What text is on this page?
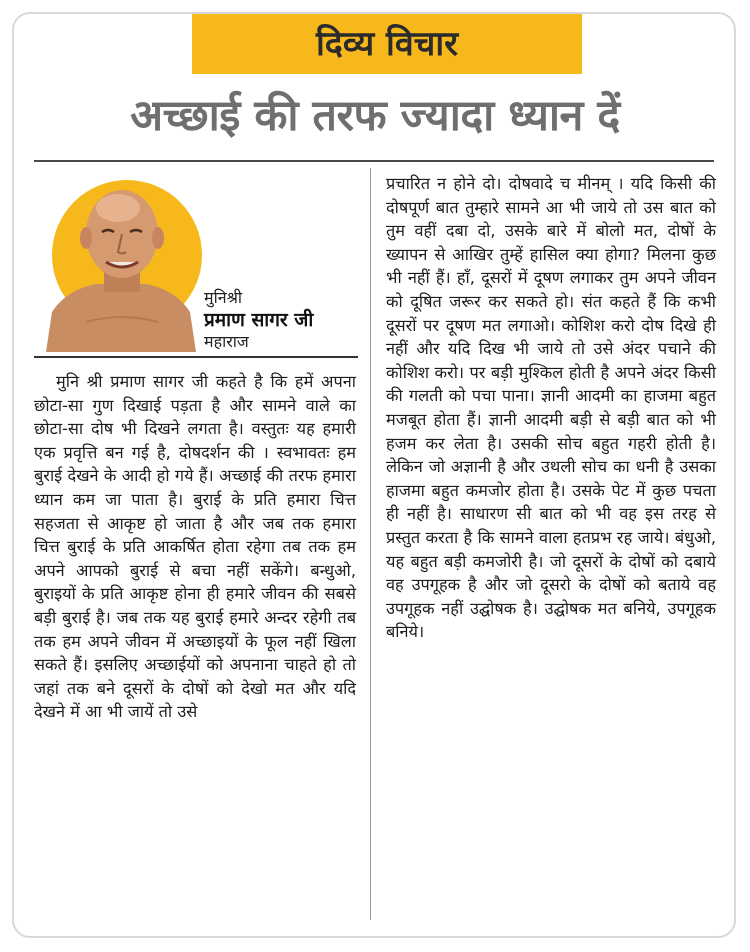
दिव्य विचार
अच्छाई की तरफ ज्यादा ध्यान दें
मुनिश्री
प्रमाण सागर जी
महाराज

मुनि श्री प्रमाण सागर जी कहते है कि हमें अपना छोटा-सा गुण दिखाई पड़ता है और सामने वाले का छोटा-सा दोष भी दिखने लगता है। वस्तुतः यह हमारी एक प्रवृत्ति बन गई है, दोषदर्शन की । स्वभावतः हम बुराई देखने के आदी हो गये हैं। अच्छाई की तरफ हमारा ध्यान कम जा पाता है। बुराई के प्रति हमारा चित्त सहजता से आकृष्ट हो जाता है और जब तक हमारा चित्त बुराई के प्रति आकर्षित होता रहेगा तब तक हम अपने आपको बुराई से बचा नहीं सकेंगे। बन्धुओ, बुराइयों के प्रति आकृष्ट होना ही हमारे जीवन की सबसे बड़ी बुराई है। जब तक यह बुराई हमारे अन्दर रहेगी तब तक हम अपने जीवन में अच्छाइयों के फूल नहीं खिला सकते हैं। इसलिए अच्छाईयों को अपनाना चाहते हो तो जहां तक बने दूसरों के दोषों को देखो मत और यदि देखने में आ भी जायें तो उसे

प्रचारित न होने दो। दोषवादे च मीनम् । यदि किसी की दोषपूर्ण बात तुम्हारे सामने आ भी जाये तो उस बात को तुम वहीं दबा दो, उसके बारे में बोलो मत, दोषों के ख्यापन से आखिर तुम्हें हासिल क्या होगा? मिलना कुछ भी नहीं हैं। हाँ, दूसरों में दूषण लगाकर तुम अपने जीवन को दूषित जरूर कर सकते हो। संत कहते हैं कि कभी दूसरों पर दूषण मत लगाओ। कोशिश करो दोष दिखे ही नहीं और यदि दिख भी जाये तो उसे अंदर पचाने की कोशिश करो। पर बड़ी मुश्किल होती है अपने अंदर किसी की गलती को पचा पाना। ज्ञानी आदमी का हाजमा बहुत मजबूत होता हैं। ज्ञानी आदमी बड़ी से बड़ी बात को भी हजम कर लेता है। उसकी सोच बहुत गहरी होती है। लेकिन जो अज्ञानी है और उथली सोच का धनी है उसका हाजमा बहुत कमजोर होता है। उसके पेट में कुछ पचता ही नहीं है। साधारण सी बात को भी वह इस तरह से प्रस्तुत करता है कि सामने वाला हतप्रभ रह जाये। बंधुओ, यह बहुत बड़ी कमजोरी है। जो दूसरों के दोषों को दबाये वह उपगूहक है और जो दूसरो के दोषों को बताये वह उपगूहक नहीं उद्घोषक है। उद्घोषक मत बनिये, उपगूहक बनिये।
